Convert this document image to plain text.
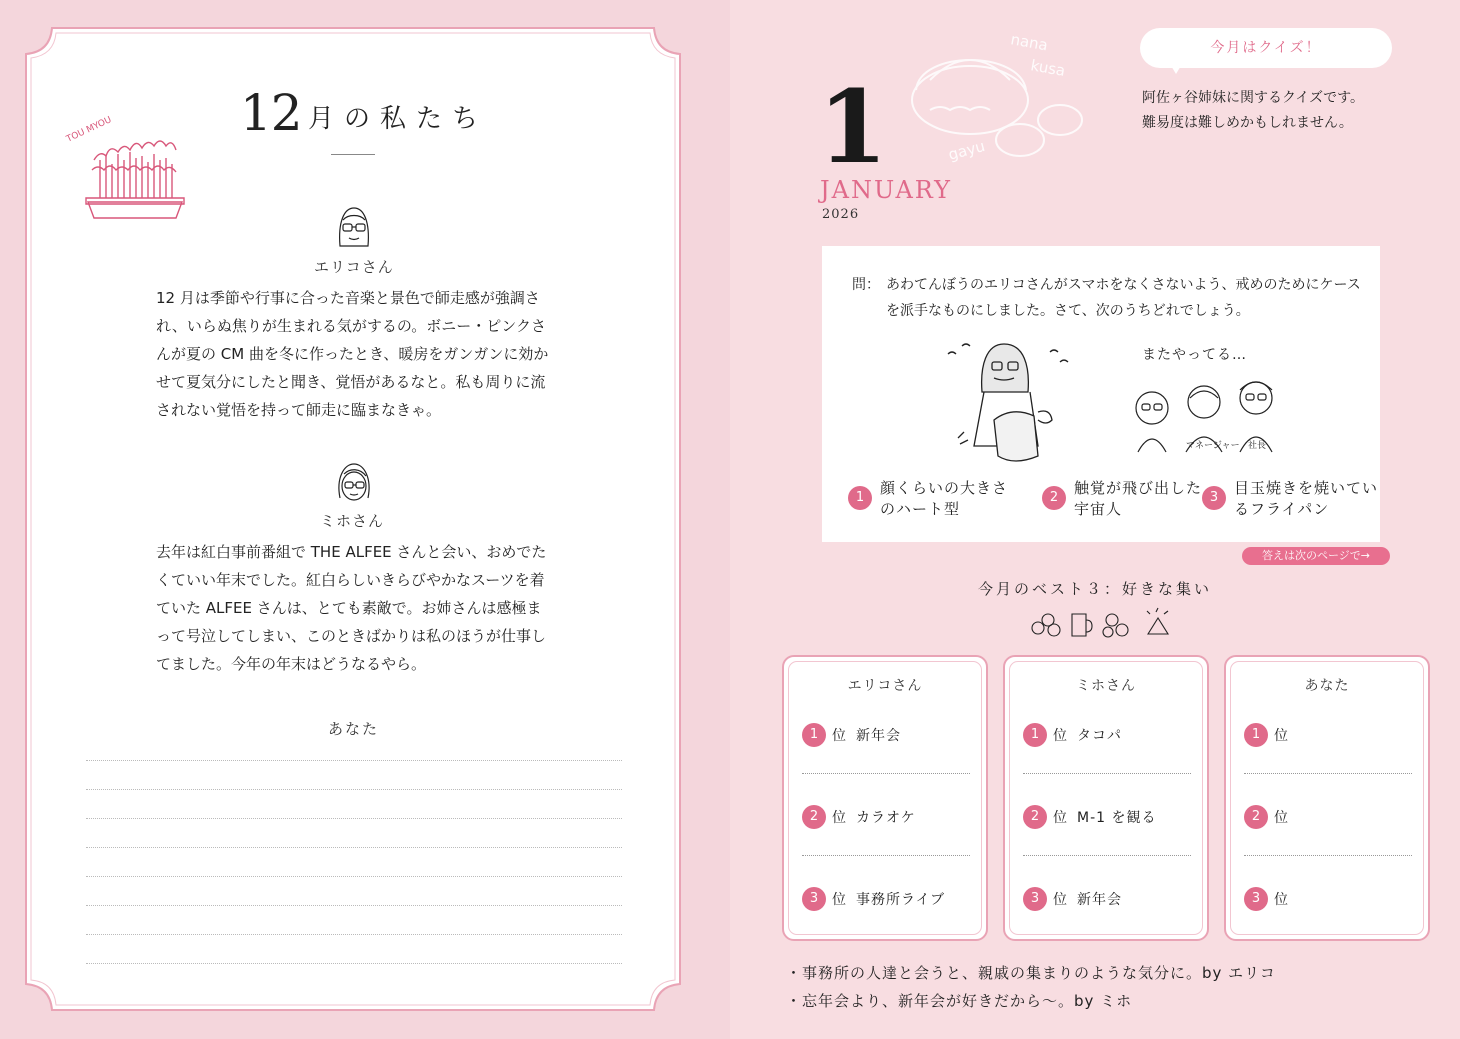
TOU MYOU	12 月の私たち
エリコさん
12 月は季節や行事に合った音楽と景色で師走感が強調され、いらぬ焦りが生まれる気がするの。ボニー・ピンクさんが夏の CM 曲を冬に作ったとき、暖房をガンガンに効かせて夏気分にしたと聞き、覚悟があるなと。私も周りに流されない覚悟を持って師走に臨まなきゃ。
ミホさん
去年は紅白事前番組で THE ALFEE さんと会い、おめでたくていい年末でした。紅白らしいきらびやかなスーツを着ていた ALFEE さんは、とても素敵で。お姉さんは感極まって号泣してしまい、このときばかりは私のほうが仕事してました。今年の年末はどうなるやら。
あなた
nana
kusa
gayu
1
JANUARY
2026
今月はクイズ！
阿佐ヶ谷姉妹に関するクイズです。
難易度は難しめかもしれません。
問： あわてんぼうのエリコさんがスマホをなくさないよう、戒めのためにケースを派手なものにしました。さて、次のうちどれでしょう。
またやってる…
マネージャー 社長
1
顔くらいの大きさのハート型
2
触覚が飛び出した宇宙人
3
目玉焼きを焼いているフライパン
答えは次のページで→
今月のベスト３：好きな集い
エリコさん
1 位 新年会
2 位 カラオケ
3 位 事務所ライブ
ミホさん
1 位 タコパ
2 位 M-1 を観る
3 位 新年会
あなた
1 位
2 位
3 位
・事務所の人達と会うと、親戚の集まりのような気分に。by エリコ
・忘年会より、新年会が好きだから〜。by ミホ
